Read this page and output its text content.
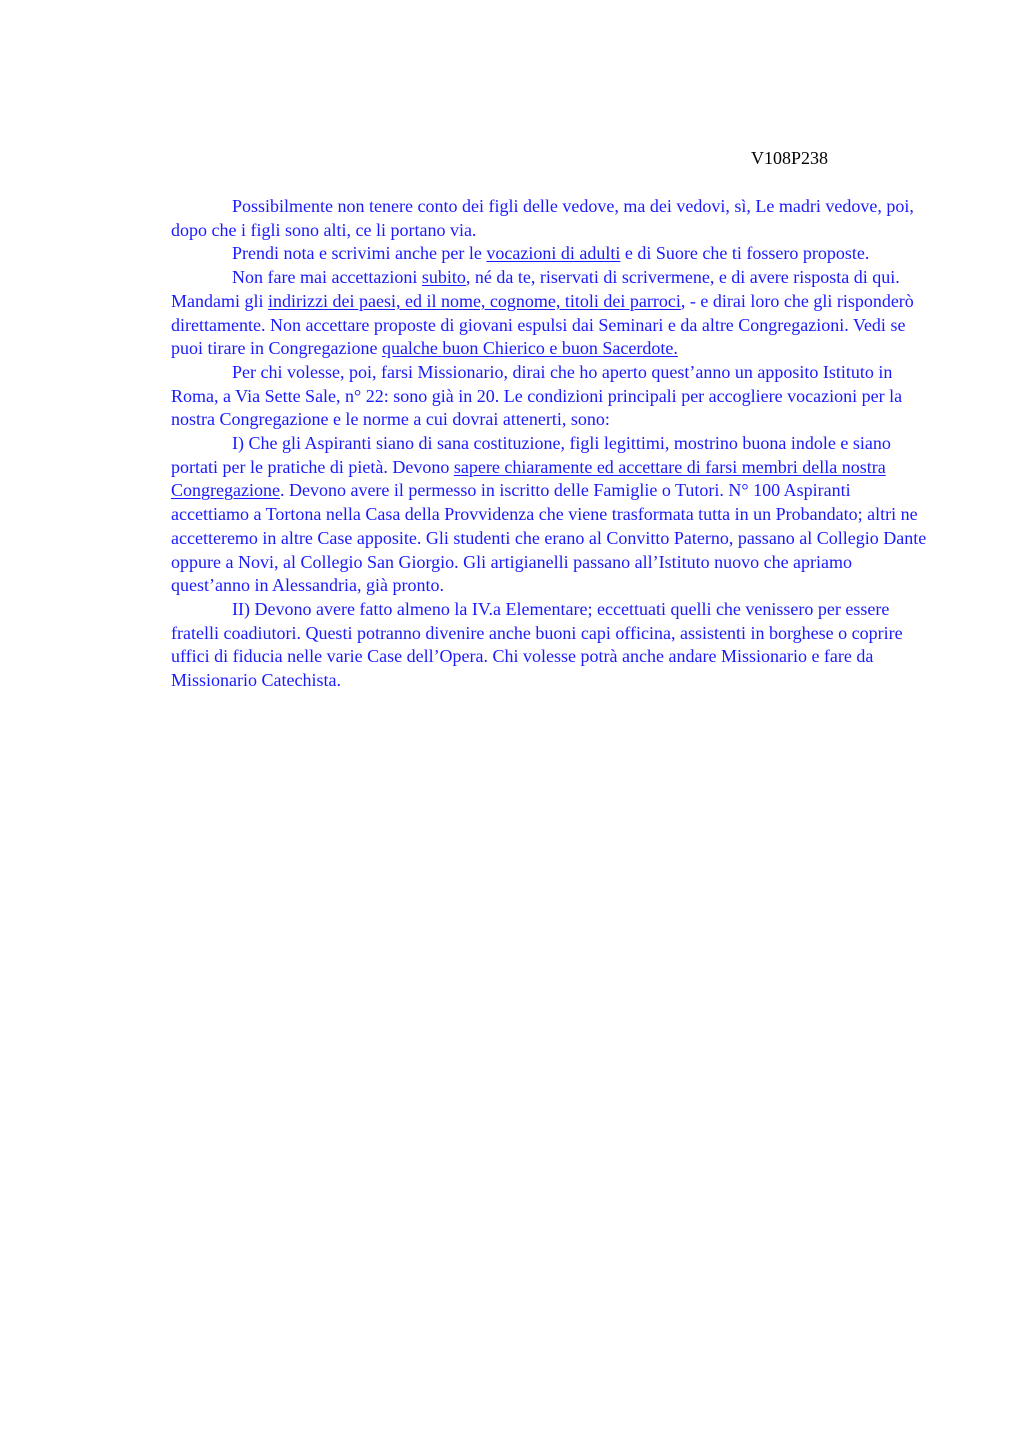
V108P238

Possibilmente non tenere conto dei figli delle vedove, ma dei vedovi, sì, Le madri vedove, poi, dopo che i figli sono alti, ce li portano via.

Prendi nota e scrivimi anche per le vocazioni di adulti e di Suore che ti fossero proposte.

Non fare mai accettazioni subito, né da te, riservati di scrivermene, e di avere risposta di qui. Mandami gli indirizzi dei paesi, ed il nome, cognome, titoli dei parroci, - e dirai loro che gli risponderò direttamente. Non accettare proposte di giovani espulsi dai Seminari e da altre Congregazioni. Vedi se puoi tirare in Congregazione qualche buon Chierico e buon Sacerdote.

Per chi volesse, poi, farsi Missionario, dirai che ho aperto quest’anno un apposito Istituto in Roma, a Via Sette Sale, n° 22: sono già in 20. Le condizioni principali per accogliere vocazioni per la nostra Congregazione e le norme a cui dovrai attenerti, sono:

I) Che gli Aspiranti siano di sana costituzione, figli legittimi, mostrino buona indole e siano portati per le pratiche di pietà. Devono sapere chiaramente ed accettare di farsi membri della nostra Congregazione. Devono avere il permesso in iscritto delle Famiglie o Tutori. N° 100 Aspiranti accettiamo a Tortona nella Casa della Provvidenza che viene trasformata tutta in un Probandato; altri ne accetteremo in altre Case apposite. Gli studenti che erano al Convitto Paterno, passano al Collegio Dante oppure a Novi, al Collegio San Giorgio. Gli artigianelli passano all’Istituto nuovo che apriamo quest’anno in Alessandria, già pronto.

II) Devono avere fatto almeno la IV.a Elementare; eccettuati quelli che venissero per essere fratelli coadiutori. Questi potranno divenire anche buoni capi officina, assistenti in borghese o coprire uffici di fiducia nelle varie Case dell’Opera. Chi volesse potrà anche andare Missionario e fare da Missionario Catechista.
